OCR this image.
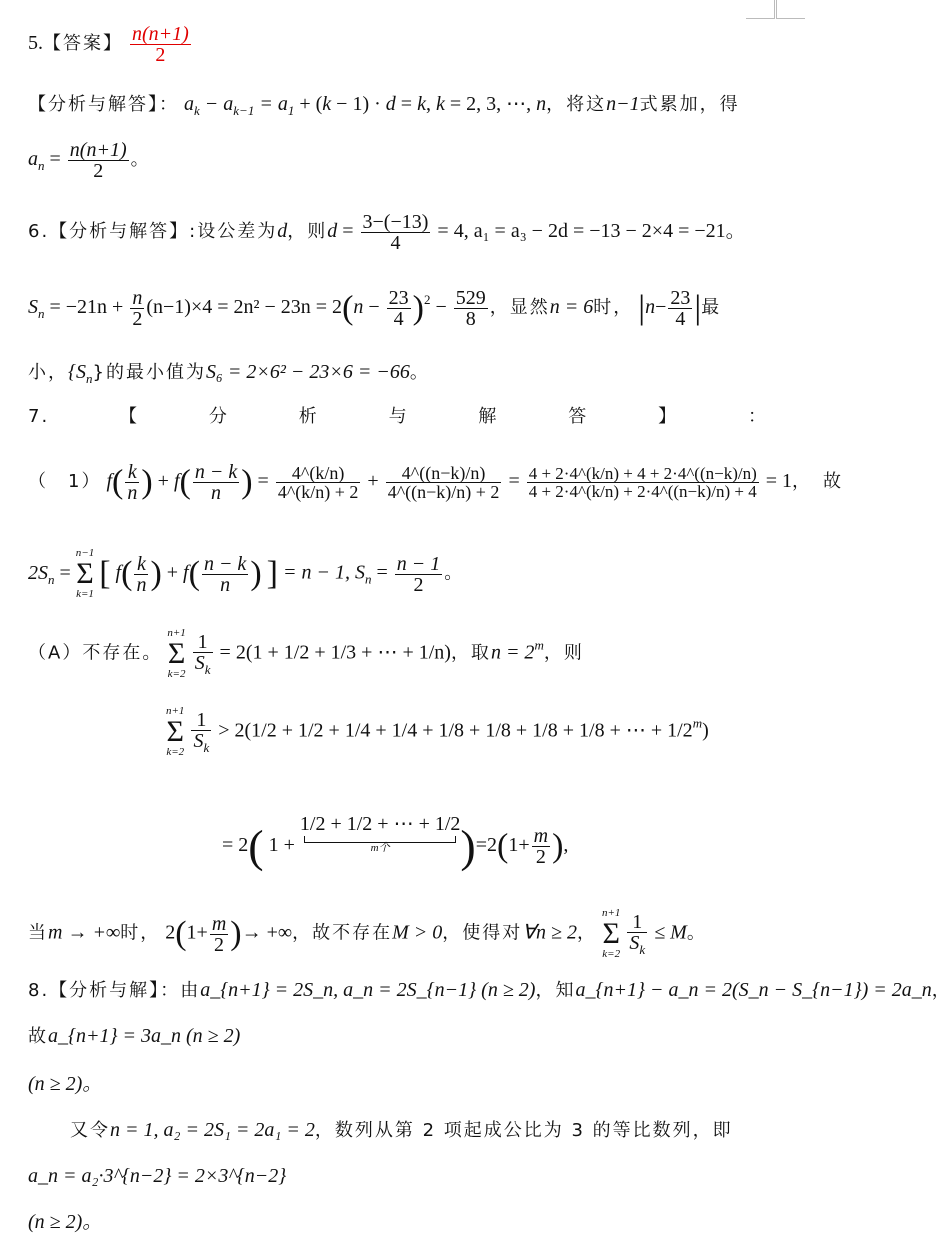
5.【答案】 $\frac{n(n+1)}{2}$
【分析与解答】： $a_k - a_{k-1} = a_1 + (k - 1) \cdot d = k$, k = 2, 3, ⋯, n，将这n−1式累加，得
$a_n = \frac{n(n+1)}{2}$ 。
6.【分析与解答】:设公差为d，则$d = \frac{3-(-13)}{4} = 4$, a₁ = a₃ − 2d = −13 − 2×4 = −21。
$S_n = -21n + \frac{n}{2} (n-1)\times 4 = 2n^2 - 23n = 2(n - \frac{23}{4} )^2 - \frac{529}{8}$ ，显然n = 6时， $|n- \frac{23}{4}$ |最
小，$\{S_n\}$的最小值为S₆ = 2×6² − 23×6 = −66。
7.	【	分	析	与	解	答	】	：
（　1） $f( \frac{k}{n}$ ) + $f( \frac{n - k}{n}$ ) = $\frac{4\^{}(k/n)}{4\^{}(k/n) + 2} + \frac{4\^{}((n-k)/n)}{4\^{}((n-k)/n) + 2} = \frac{4 + 2\cdot 4\^{}(k/n) + 4 + 2\cdot 4\^{}((n-k)/n)}{4 + 2\cdot 4\^{}(k/n) + 2\cdot 4\^{}((n-k)/n) + 4} = 1$，　故
$2S_n$ =
n−1
Σ
k=1
[ $f( \frac{k}{n}$ ) + $f( \frac{n - k}{n}$ ) ] = n − 1, $S_n = \frac{n - 1}{2}$ 。
（A）不存在。
n+1
Σ
k=2
$\frac{1}{S_k} = 2(1 + 1/2 + 1/3$ + ⋯ + 1/n)，取$n = 2^m$，则
n+1
Σ
k=2
$\frac{1}{S_k} > 2(1/2 + 1/2 + 1/4 + 1/4 + 1/8 + 1/8 + 1/8 + 1/8$ + ⋯ + $1/2^m$)
= 2( 1 +
1/2 + 1/2 + ⋯ + 1/2
m个	)$=2(1+ \frac{m}{2}$ ),
当m → +∞时， $2(1+ \frac{m}{2}$ )→ +∞，故不存在M > 0，使得对∀n ≥ 2，
n+1
Σ
k=2
$\frac{1}{S_k} \le M$。
8.【分析与解】：由a_{n+1} = 2S_n, a_n = 2S_{n−1} (n ≥ 2)，知a_{n+1} − a_n = 2(S_n − S_{n−1}) = 2a_n，
故a_{n+1} = 3a_n (n ≥ 2)
(n ≥ 2)。
又令n = 1, a₂ = 2S₁ = 2a₁ = 2，数列从第 2 项起成公比为 3 的等比数列，即
a_n = a₂·3^{n−2} = 2×3^{n−2}
(n ≥ 2)。
